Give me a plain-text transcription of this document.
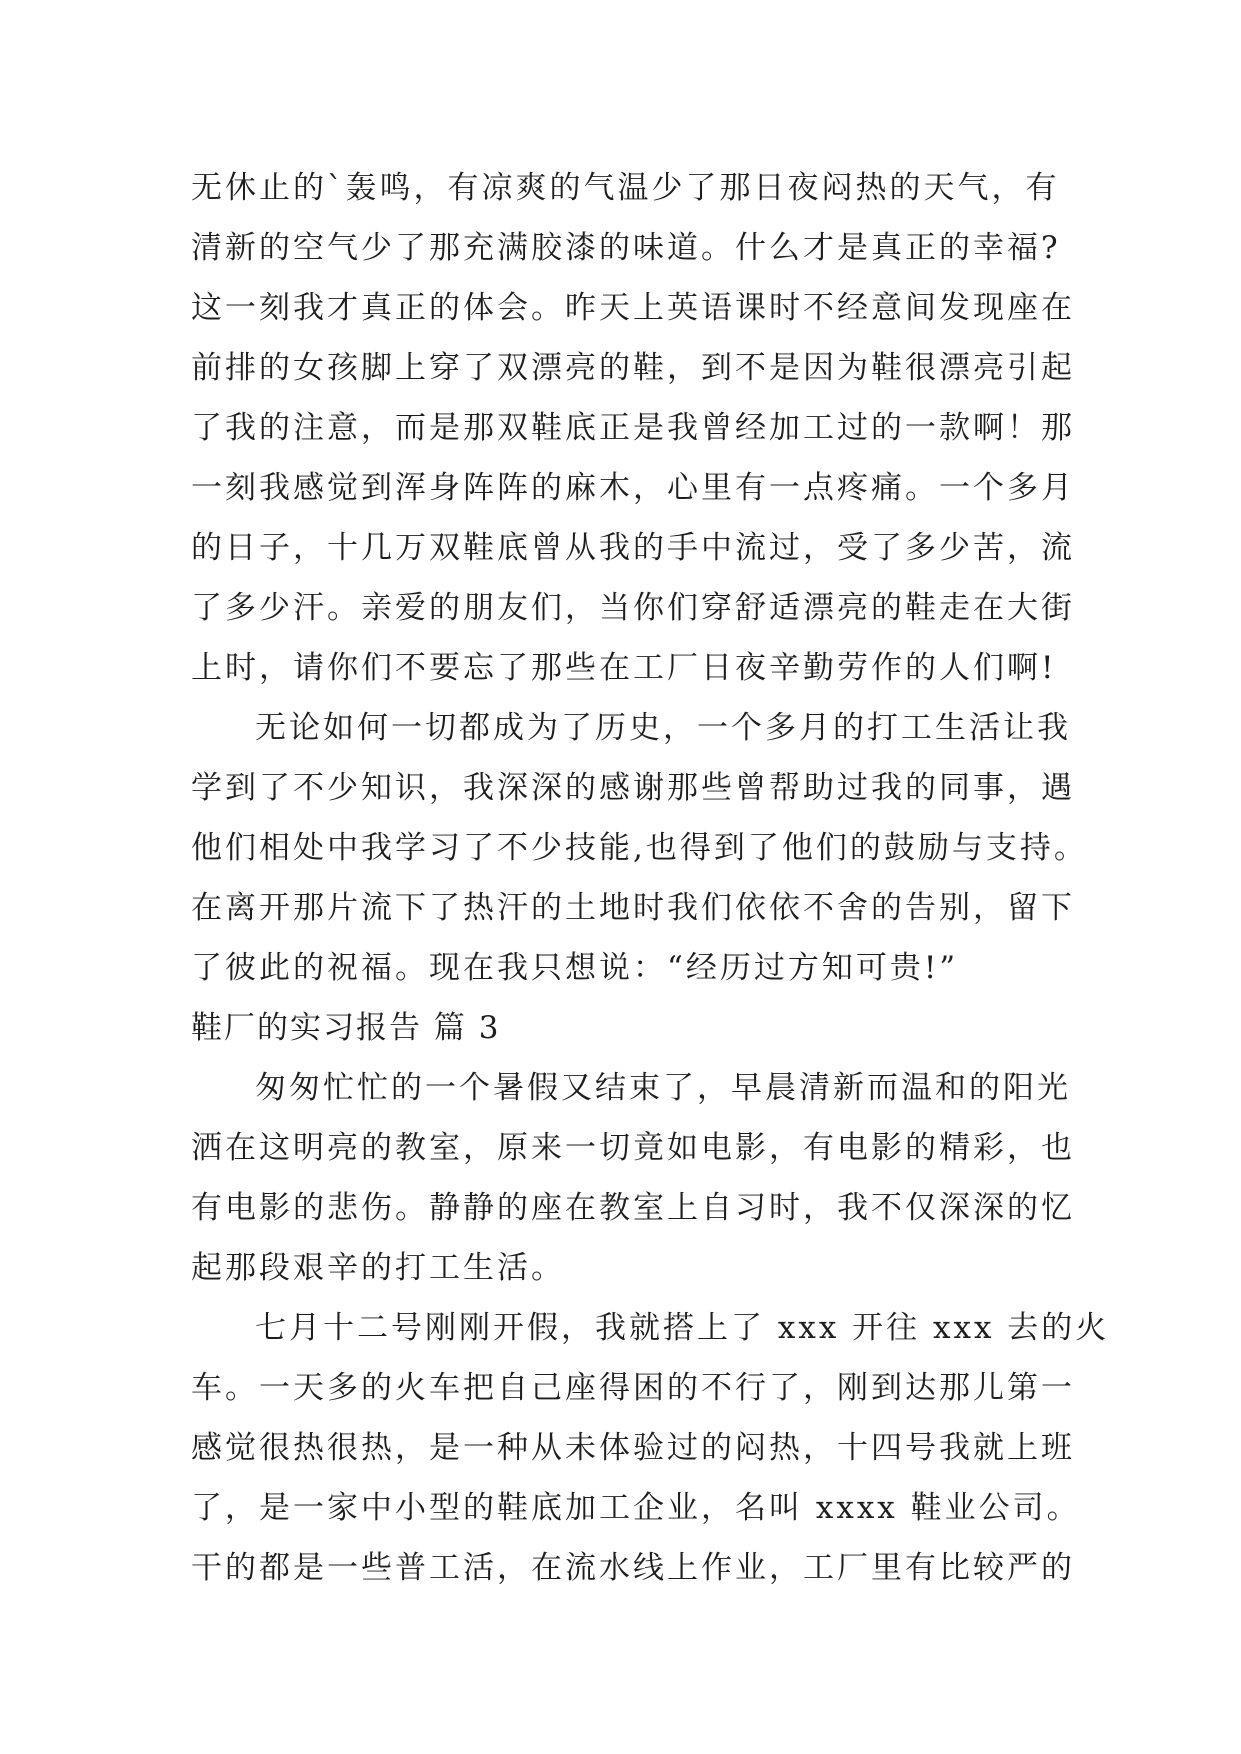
无休止的`轰鸣，有凉爽的气温少了那日夜闷热的天气，有
清新的空气少了那充满胶漆的味道。什么才是真正的幸福?
这一刻我才真正的体会。昨天上英语课时不经意间发现座在
前排的女孩脚上穿了双漂亮的鞋，到不是因为鞋很漂亮引起
了我的注意，而是那双鞋底正是我曾经加工过的一款啊！那
一刻我感觉到浑身阵阵的麻木，心里有一点疼痛。一个多月
的日子，十几万双鞋底曾从我的手中流过，受了多少苦，流
了多少汗。亲爱的朋友们，当你们穿舒适漂亮的鞋走在大街
上时，请你们不要忘了那些在工厂日夜辛勤劳作的人们啊!
无论如何一切都成为了历史，一个多月的打工生活让我
学到了不少知识，我深深的感谢那些曾帮助过我的同事，遇
他们相处中我学习了不少技能,也得到了他们的鼓励与支持。
在离开那片流下了热汗的土地时我们依依不舍的告别，留下
了彼此的祝福。现在我只想说：“经历过方知可贵!”
鞋厂的实习报告 篇 3
匆匆忙忙的一个暑假又结束了，早晨清新而温和的阳光
洒在这明亮的教室，原来一切竟如电影，有电影的精彩，也
有电影的悲伤。静静的座在教室上自习时，我不仅深深的忆
起那段艰辛的打工生活。
七月十二号刚刚开假，我就搭上了 xxx 开往 xxx 去的火
车。一天多的火车把自己座得困的不行了，刚到达那儿第一
感觉很热很热，是一种从未体验过的闷热，十四号我就上班
了，是一家中小型的鞋底加工企业，名叫 xxxx 鞋业公司。
干的都是一些普工活，在流水线上作业，工厂里有比较严的
